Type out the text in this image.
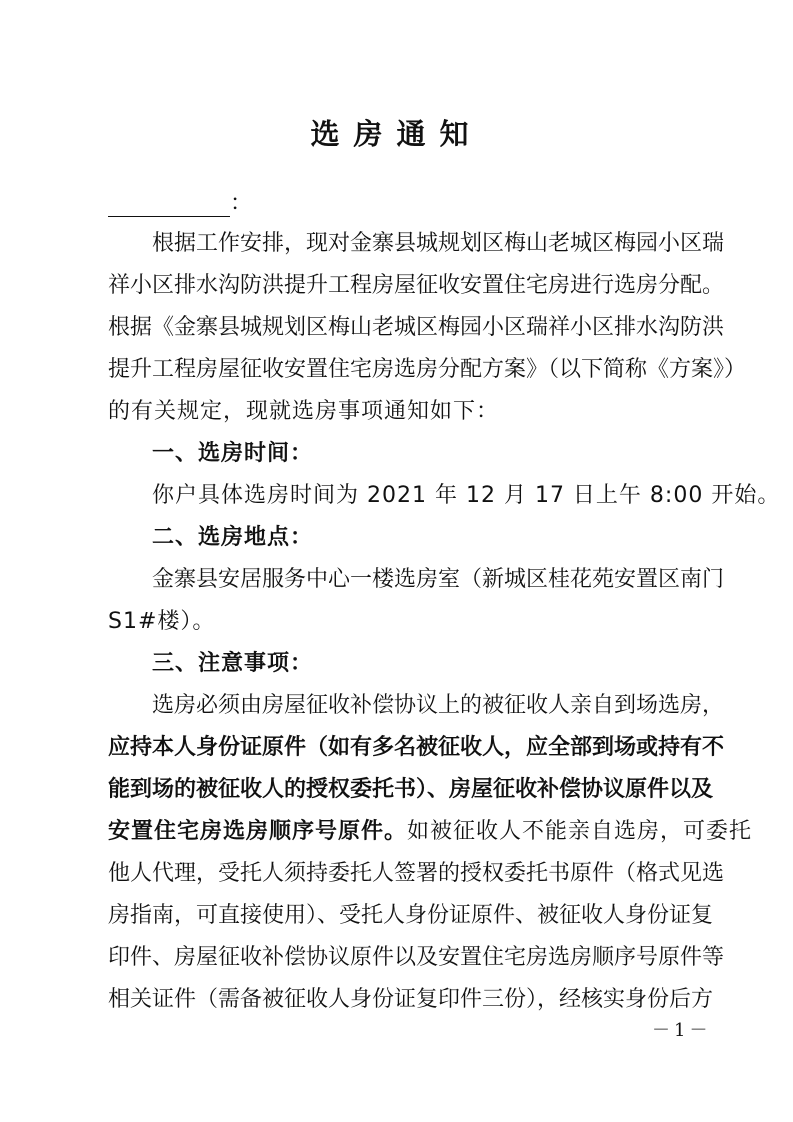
选房通知
：
根据工作安排，现对金寨县城规划区梅山老城区梅园小区瑞
祥小区排水沟防洪提升工程房屋征收安置住宅房进行选房分配。
根据《金寨县城规划区梅山老城区梅园小区瑞祥小区排水沟防洪
提升工程房屋征收安置住宅房选房分配方案》（以下简称《方案》）
的有关规定，现就选房事项通知如下：
一、选房时间：
你户具体选房时间为 2021 年 12 月 17 日上午 8:00 开始。
二、选房地点：
金寨县安居服务中心一楼选房室（新城区桂花苑安置区南门
S1#楼）。
三、注意事项：
选房必须由房屋征收补偿协议上的被征收人亲自到场选房，
应持本人身份证原件（如有多名被征收人，应全部到场或持有不
能到场的被征收人的授权委托书）、房屋征收补偿协议原件以及
安置住宅房选房顺序号原件。 如被征收人不能亲自选房，可委托
他人代理，受托人须持委托人签署的授权委托书原件（格式见选
房指南，可直接使用）、受托人身份证原件、被征收人身份证复
印件、房屋征收补偿协议原件以及安置住宅房选房顺序号原件等
相关证件（需备被征收人身份证复印件三份），经核实身份后方
－1－
